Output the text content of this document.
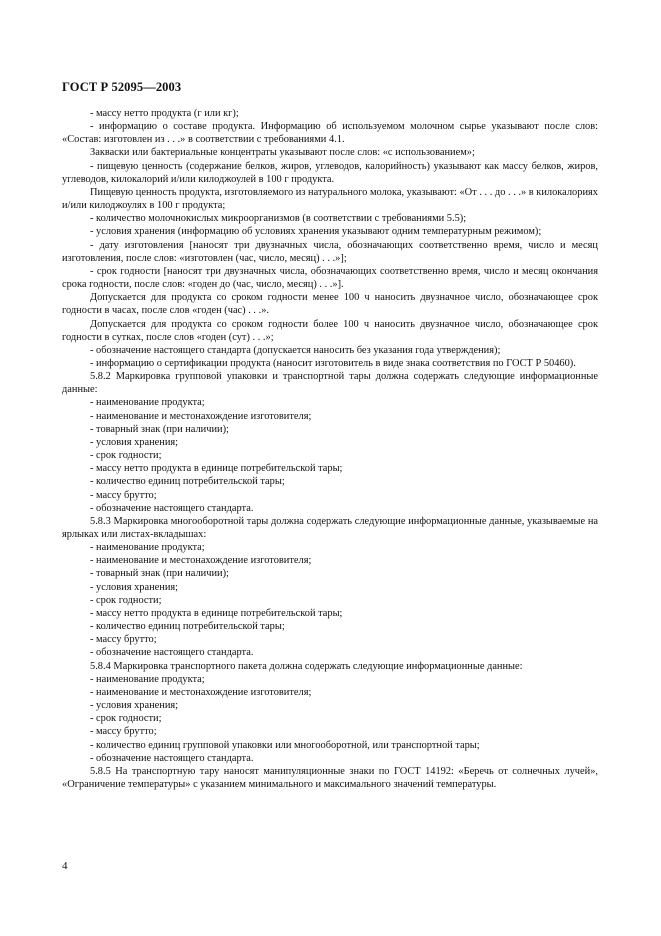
ГОСТ Р 52095—2003

- массу нетто продукта (г или кг);

- информацию о составе продукта. Информацию об используемом молочном сырье указывают после слов: «Состав: изготовлен из . . .» в соответствии с требованиями 4.1.

Закваски или бактериальные концентраты указывают после слов: «с использованием»;

- пищевую ценность (содержание белков, жиров, углеводов, калорийность) указывают как массу белков, жиров, углеводов, килокалорий и/или килоджоулей в 100 г продукта.

Пищевую ценность продукта, изготовляемого из натурального молока, указывают: «От . . . до . . .» в килокалориях и/или килоджоулях в 100 г продукта;

- количество молочнокислых микроорганизмов (в соответствии с требованиями 5.5);

- условия хранения (информацию об условиях хранения указывают одним температурным режимом);

- дату изготовления [наносят три двузначных числа, обозначающих соответственно время, число и месяц изготовления, после слов: «изготовлен (час, число, месяц) . . .»];

- срок годности [наносят три двузначных числа, обозначающих соответственно время, число и месяц окончания срока годности, после слов: «годен до (час, число, месяц) . . .»].

Допускается для продукта со сроком годности менее 100 ч наносить двузначное число, обозначающее срок годности в часах, после слов «годен (час) . . .».

Допускается для продукта со сроком годности более 100 ч наносить двузначное число, обозначающее срок годности в сутках, после слов «годен (сут) . . .»;

- обозначение настоящего стандарта (допускается наносить без указания года утверждения);

- информацию о сертификации продукта (наносит изготовитель в виде знака соответствия по ГОСТ Р 50460).

5.8.2 Маркировка групповой упаковки и транспортной тары должна содержать следующие информационные данные:

- наименование продукта;

- наименование и местонахождение изготовителя;

- товарный знак (при наличии);

- условия хранения;

- срок годности;

- массу нетто продукта в единице потребительской тары;

- количество единиц потребительской тары;

- массу брутто;

- обозначение настоящего стандарта.

5.8.3 Маркировка многооборотной тары должна содержать следующие информационные данные, указываемые на ярлыках или листах-вкладышах:

- наименование продукта;

- наименование и местонахождение изготовителя;

- товарный знак (при наличии);

- условия хранения;

- срок годности;

- массу нетто продукта в единице потребительской тары;

- количество единиц потребительской тары;

- массу брутто;

- обозначение настоящего стандарта.

5.8.4 Маркировка транспортного пакета должна содержать следующие информационные данные:

- наименование продукта;

- наименование и местонахождение изготовителя;

- условия хранения;

- срок годности;

- массу брутто;

- количество единиц групповой упаковки или многооборотной, или транспортной тары;

- обозначение настоящего стандарта.

5.8.5 На транспортную тару наносят манипуляционные знаки по ГОСТ 14192: «Беречь от солнечных лучей», «Ограничение температуры» с указанием минимального и максимального значений температуры.

4
